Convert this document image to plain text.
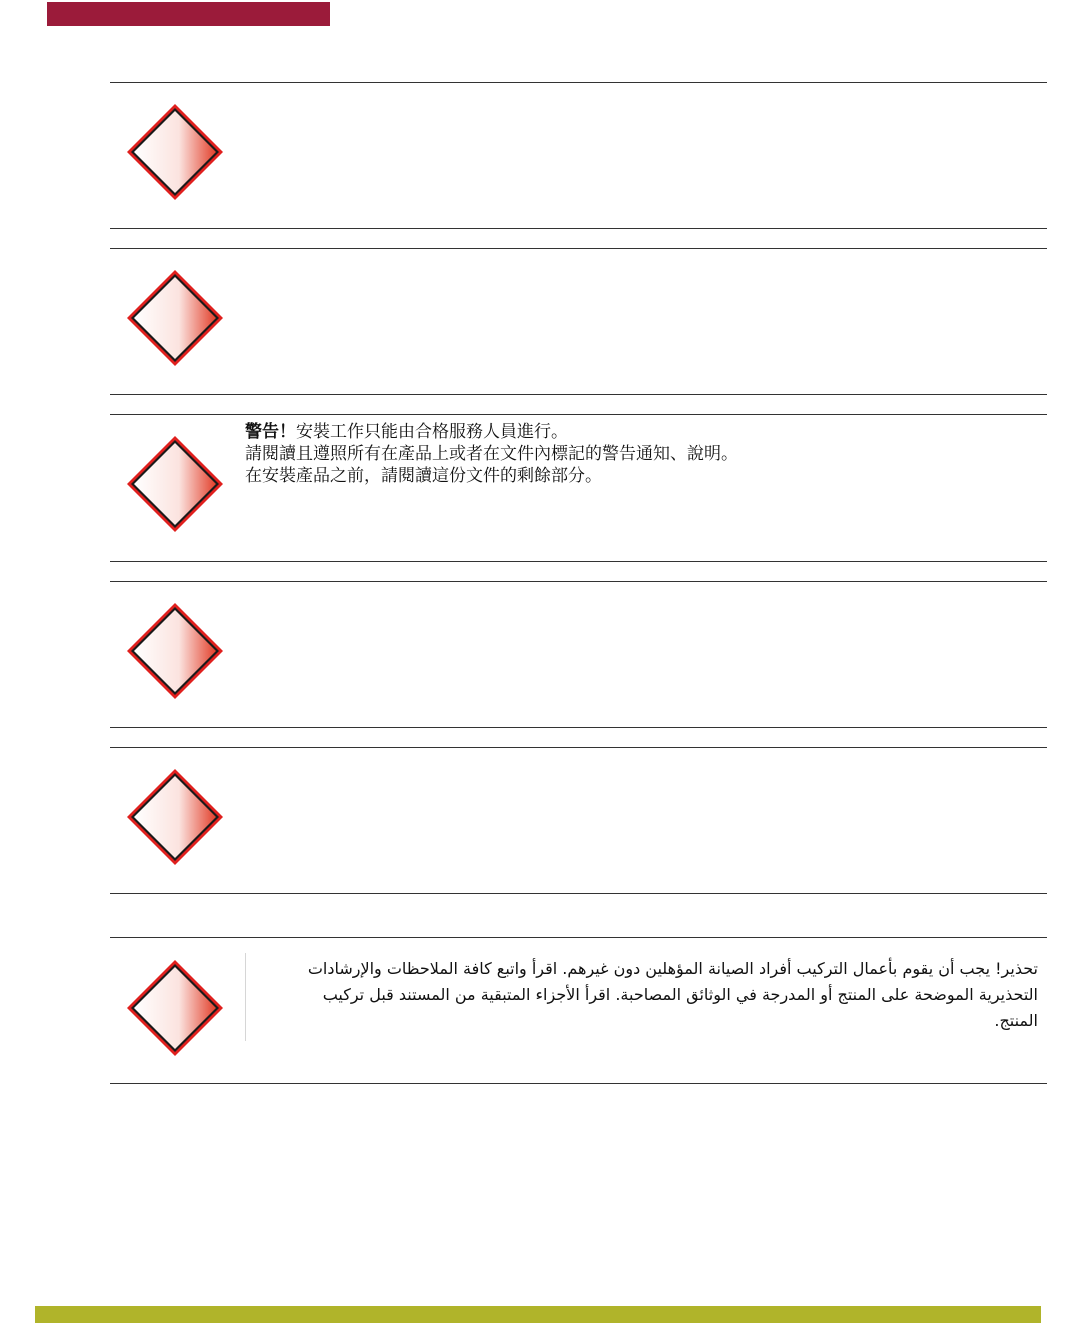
警告！安裝工作只能由合格服務人員進行。
請閱讀且遵照所有在產品上或者在文件內標記的警告通知、說明。
在安裝產品之前，請閱讀這份文件的剩餘部分。
تحذير! يجب أن يقوم بأعمال التركيب أفراد الصيانة المؤهلين دون غيرهم. اقرأ واتبع كافة الملاحظات والإرشادات التحذيرية الموضحة على المنتج أو المدرجة في الوثائق المصاحبة. اقرأ الأجزاء المتبقية من المستند قبل تركيب المنتج.
